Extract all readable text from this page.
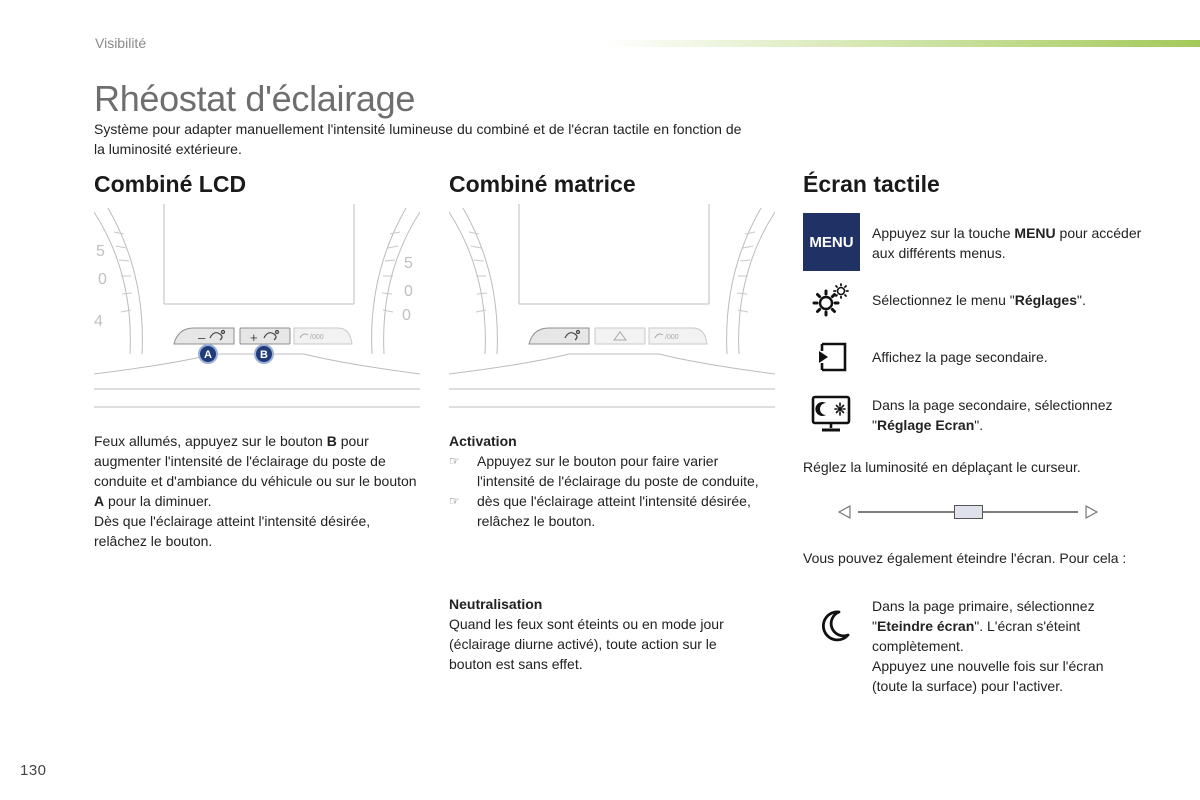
Visibilité
Rhéostat d'éclairage

Système pour adapter manuellement l'intensité lumineuse du combiné et de l'écran tactile en fonction de la luminosité extérieure.

Combiné LCD	Combiné matrice	Écran tactile
5
0
4
5
0
0
–	+	/000
A	B
/000

Feux allumés, appuyez sur le bouton B pour augmenter l'intensité de l'éclairage du poste de conduite et d'ambiance du véhicule ou sur le bouton A pour la diminuer.

Dès que l'éclairage atteint l'intensité désirée, relâchez le bouton.

Activation
☞ Appuyez sur le bouton pour faire varier l'intensité de l'éclairage du poste de conduite,
☞ dès que l'éclairage atteint l'intensité désirée, relâchez le bouton.
Neutralisation

Quand les feux sont éteints ou en mode jour (éclairage diurne activé), toute action sur le bouton est sans effet.

MENU

Appuyez sur la touche MENU pour accéder aux différents menus.

Sélectionnez le menu "Réglages".

Affichez la page secondaire.

Dans la page secondaire, sélectionnez "Réglage Ecran".

Réglez la luminosité en déplaçant le curseur.

Vous pouvez également éteindre l'écran. Pour cela :

Dans la page primaire, sélectionnez "Eteindre écran". L'écran s'éteint complètement.

Appuyez une nouvelle fois sur l'écran (toute la surface) pour l'activer.

130
